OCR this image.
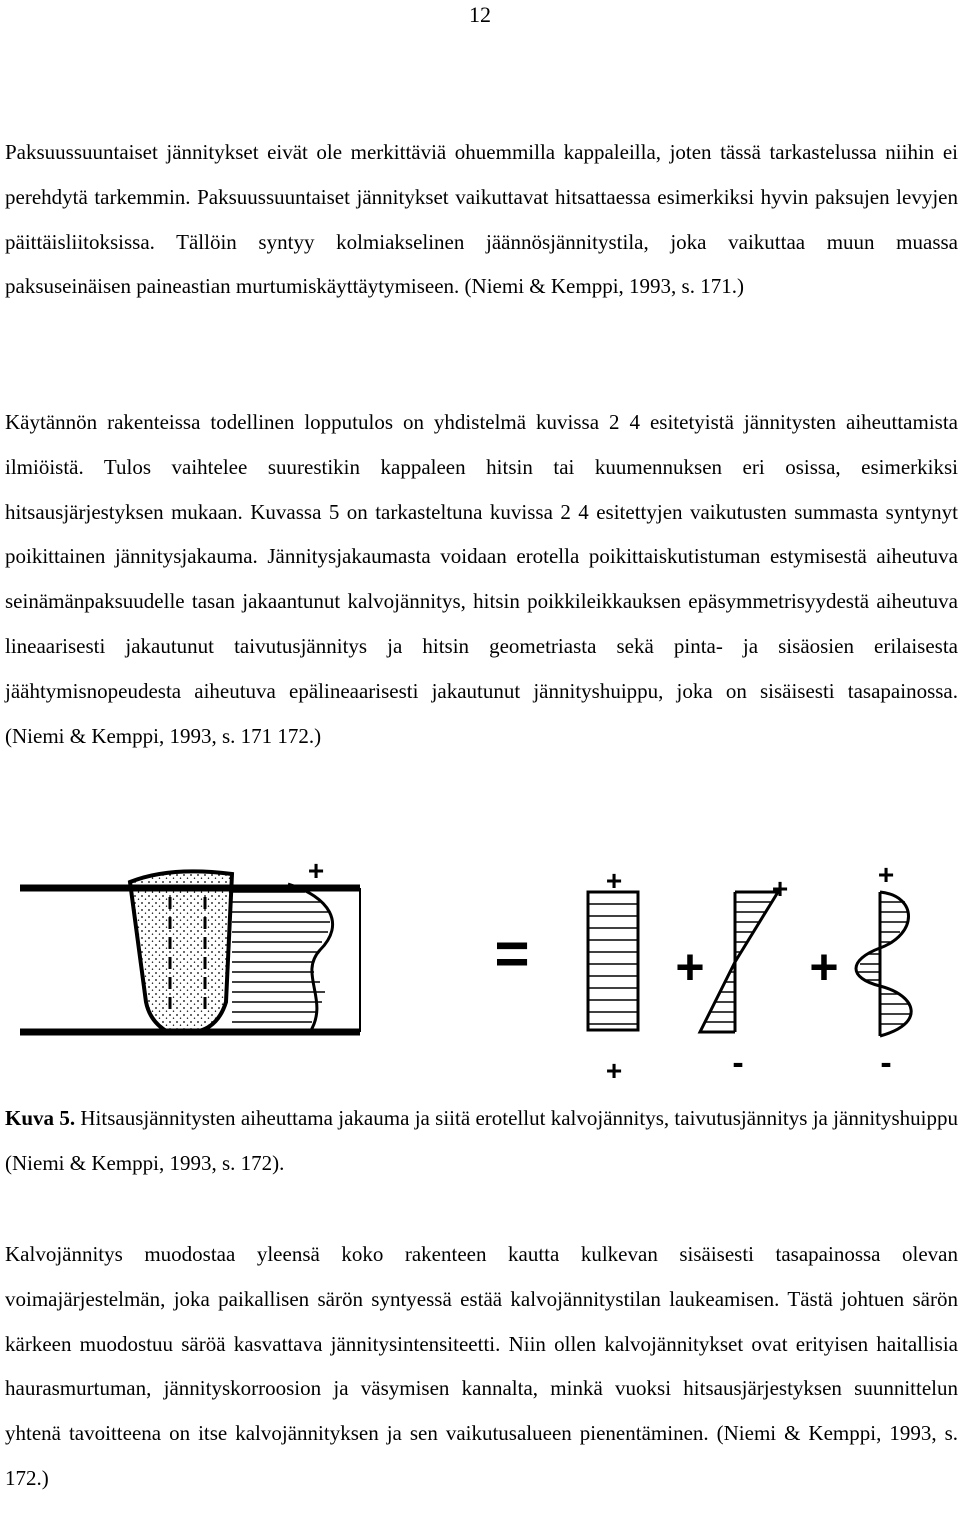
12

Paksuussuuntaiset jännitykset eivät ole merkittäviä ohuemmilla kappaleilla, joten tässä tarkastelussa niihin ei perehdytä tarkemmin. Paksuussuuntaiset jännitykset vaikuttavat hitsattaessa esimerkiksi hyvin paksujen levyjen päittäisliitoksissa. Tällöin syntyy kolmiakselinen jäännösjännitystila, joka vaikuttaa muun muassa paksuseinäisen paineastian murtumiskäyttäytymiseen. (Niemi & Kemppi, 1993, s. 171.)

Käytännön rakenteissa todellinen lopputulos on yhdistelmä kuvissa 2 4 esitetyistä jännitysten aiheuttamista ilmiöistä. Tulos vaihtelee suurestikin kappaleen hitsin tai kuumennuksen eri osissa, esimerkiksi hitsausjärjestyksen mukaan. Kuvassa 5 on tarkasteltuna kuvissa 2 4 esitettyjen vaikutusten summasta syntynyt poikittainen jännitysjakauma. Jännitysjakaumasta voidaan erotella poikittaiskutistuman estymisestä aiheutuva seinämänpaksuudelle tasan jakaantunut kalvojännitys, hitsin poikkileikkauksen epäsymmetrisyydestä aiheutuva lineaarisesti jakautunut taivutusjännitys ja hitsin geometriasta sekä pinta- ja sisäosien erilaisesta jäähtymisnopeudesta aiheutuva epälineaarisesti jakautunut jännityshuippu, joka on sisäisesti tasapainossa. (Niemi & Kemppi, 1993, s. 171 172.)

+
=
+
+
+
+
-
+
+
-

Kuva 5. Hitsausjännitysten aiheuttama jakauma ja siitä erotellut kalvojännitys, taivutusjännitys ja jännityshuippu (Niemi & Kemppi, 1993, s. 172).

Kalvojännitys muodostaa yleensä koko rakenteen kautta kulkevan sisäisesti tasapainossa olevan voimajärjestelmän, joka paikallisen särön syntyessä estää kalvojännitystilan laukeamisen. Tästä johtuen särön kärkeen muodostuu säröä kasvattava jännitysintensiteetti. Niin ollen kalvojännitykset ovat erityisen haitallisia haurasmurtuman, jännityskorroosion ja väsymisen kannalta, minkä vuoksi hitsausjärjestyksen suunnittelun yhtenä tavoitteena on itse kalvojännityksen ja sen vaikutusalueen pienentäminen. (Niemi & Kemppi, 1993, s. 172.)
